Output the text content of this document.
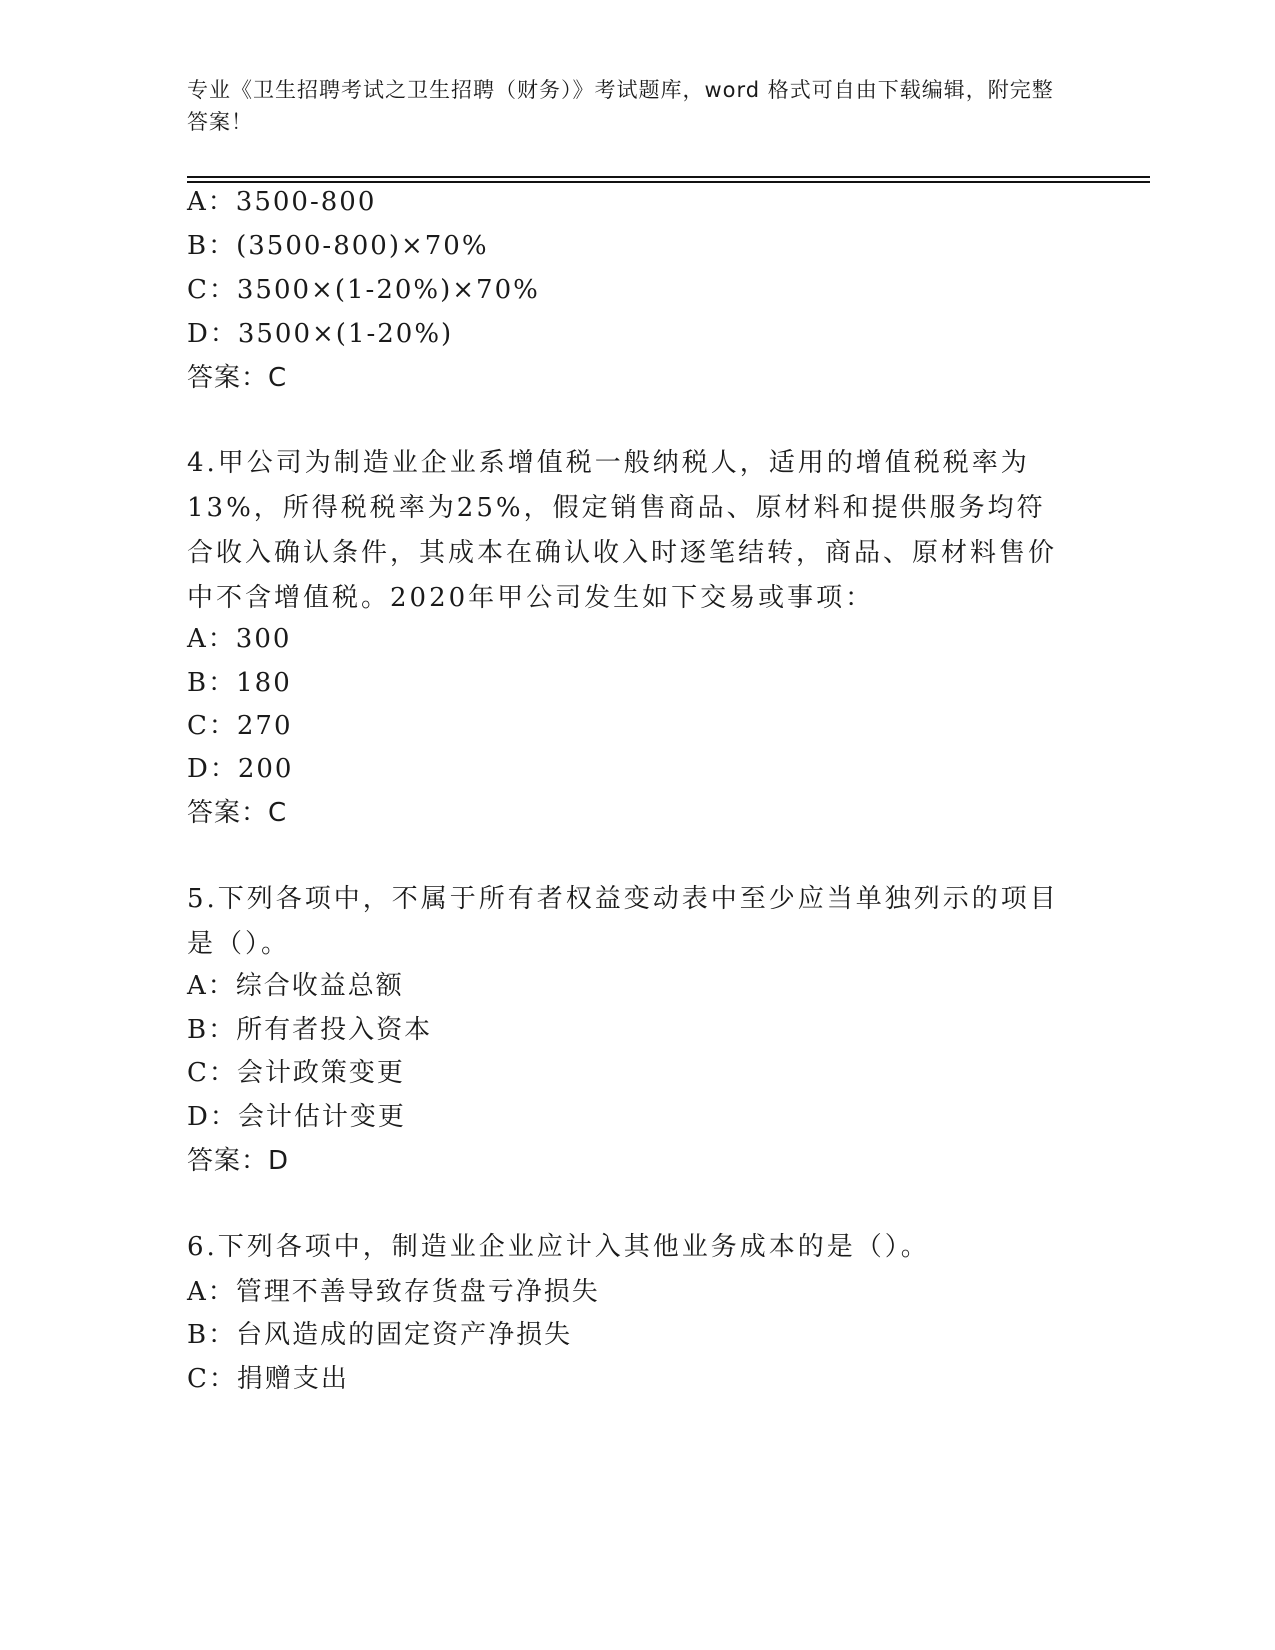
专业《卫生招聘考试之卫生招聘（财务）》考试题库，word 格式可自由下载编辑，附完整答案！
A：3500-800
B：(3500-800)×70%
C：3500×(1-20%)×70%
D：3500×(1-20%)
答案：C
4.甲公司为制造业企业系增值税一般纳税人，适用的增值税税率为13%，所得税税率为25%，假定销售商品、原材料和提供服务均符合收入确认条件，其成本在确认收入时逐笔结转，商品、原材料售价中不含增值税。2020年甲公司发生如下交易或事项：
A：300
B：180
C：270
D：200
答案：C
5.下列各项中，不属于所有者权益变动表中至少应当单独列示的项目是（）。
A：综合收益总额
B：所有者投入资本
C：会计政策变更
D：会计估计变更
答案：D
6.下列各项中，制造业企业应计入其他业务成本的是（）。
A：管理不善导致存货盘亏净损失
B：台风造成的固定资产净损失
C：捐赠支出
